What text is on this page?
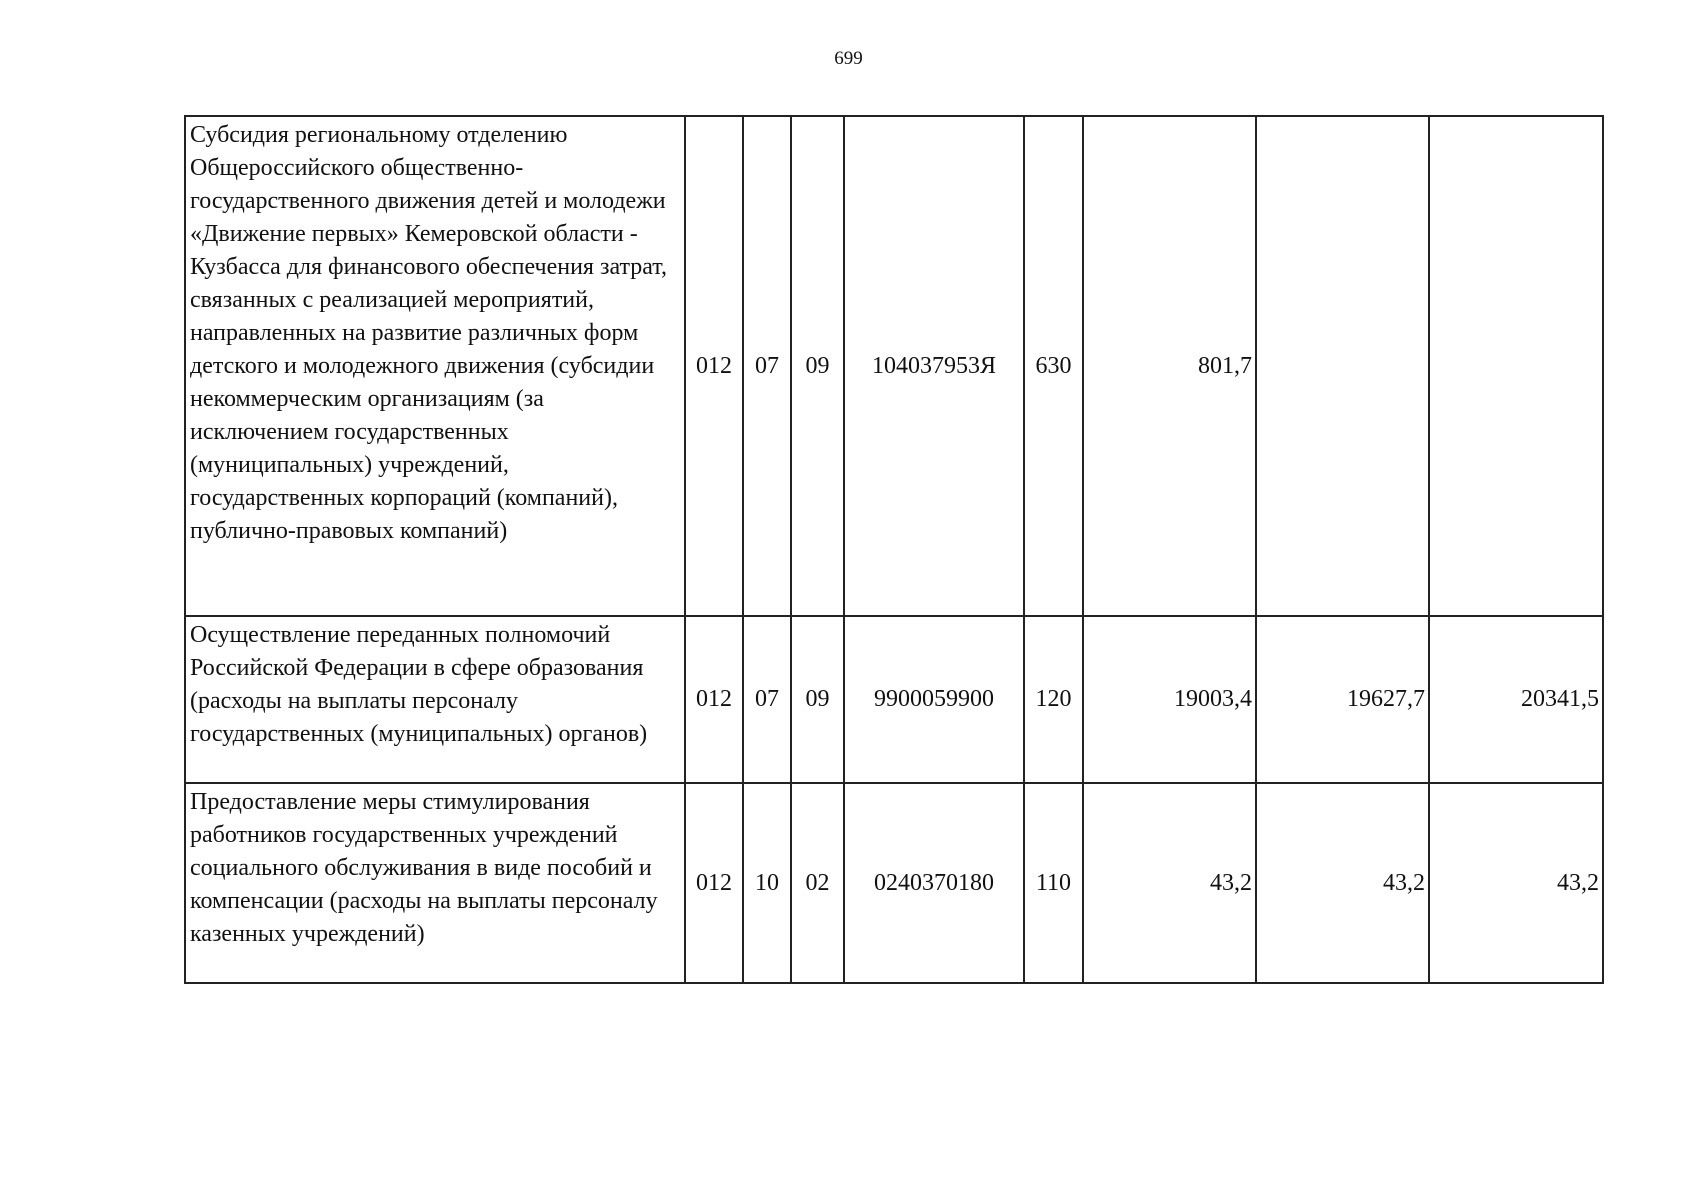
699
Субсидия региональному отделению Общероссийского общественно-государственного движения детей и молодежи «Движение первых» Кемеровской области - Кузбасса для финансового обеспечения затрат, связанных с реализацией мероприятий, направленных на развитие различных форм детского и молодежного движения (субсидии некоммерческим организациям (за исключением государственных (муниципальных) учреждений, государственных корпораций (компаний), публично-правовых компаний)	012	07	09	104037953Я	630	801,7		
Осуществление переданных полномочий Российской Федерации в сфере образования (расходы на выплаты персоналу государственных (муниципальных) органов)	012	07	09	9900059900	120	19003,4	19627,7	20341,5
Предоставление меры стимулирования работников государственных учреждений социального обслуживания в виде пособий и компенсации (расходы на выплаты персоналу казенных учреждений)	012	10	02	0240370180	110	43,2	43,2	43,2
